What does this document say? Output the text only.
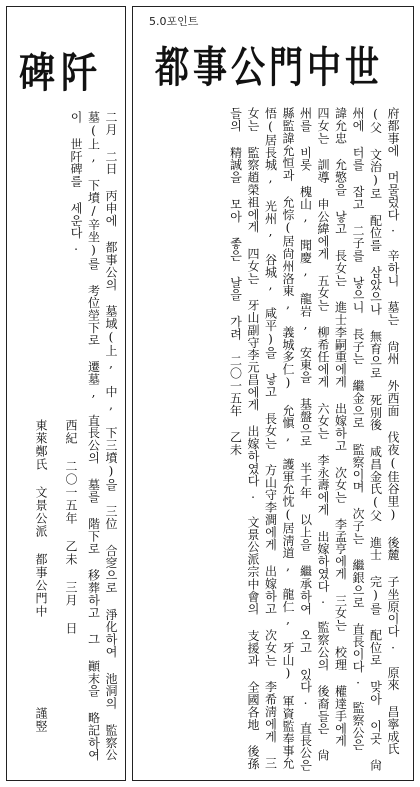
碑阡
二月 二日 丙申에 都事公의 墓域(上, 中, 下三墳)을 三位 合窆으로 淨化하여 池洞의 監察公墓(上, 下墳/辛坐)를 考位塋下로 遷墓, 直長公의 墓를 階下로 移葬하고 그 顚末을 略記하여 이 世阡碑를 세운다.
西紀 二〇一五年 乙未 三月 日
東萊鄭氏 文景公派 都事公門中
謹竪
5.0포인트
都事公門中世
府都事에 머물렀다. 辛하니 墓는 尙州 外西面 伐夜(佳谷里) 後麓 子坐原이다. 原來 昌寧成氏(父 文治)로 配位를 삼았으나 無育으로 死別後 咸昌金氏(父 進士 完)를 配位로 맞아 이곳 尙州에 터를 잡고 二子를 낳으니 長子는 繼金으로 監察이며 次子는 繼銀으로 直長이다. 監察公은 諱允忠 允憼을 낳고 長女는 進士李嗣重에게 出嫁하고 次女는 李孟亨에게 三女는 校理 權達手에게 四女는 訓導 申公緯에게 五女는 柳希任에게 六女는 李永壽에게 出嫁하였다. 監察公의 後裔들은 尙州를 비롯 槐山, 聞慶, 龍岩, 安東을 基盤으로 半千年 以上을 繼承하여 오고 있다. 直長公은 縣監諱允恒과 允悰(居尙州洛東, 義城多仁) 允愼, 護軍允忱(居淸道, 龍仁, 牙山) 軍資監奉事允悟(居長城, 光州, 谷城, 咸平)을 낳고 長女는 方山守李澗에게 出嫁하고 次女는 李希淸에게 三女는 監察趙榮祖에게 四女는 牙山副守李元昌에게 出嫁하였다. 文景公派宗中會의 支援과 全國各地 後孫들의 精誠을 모아 좋은 날을 가려 二〇一五年 乙未
